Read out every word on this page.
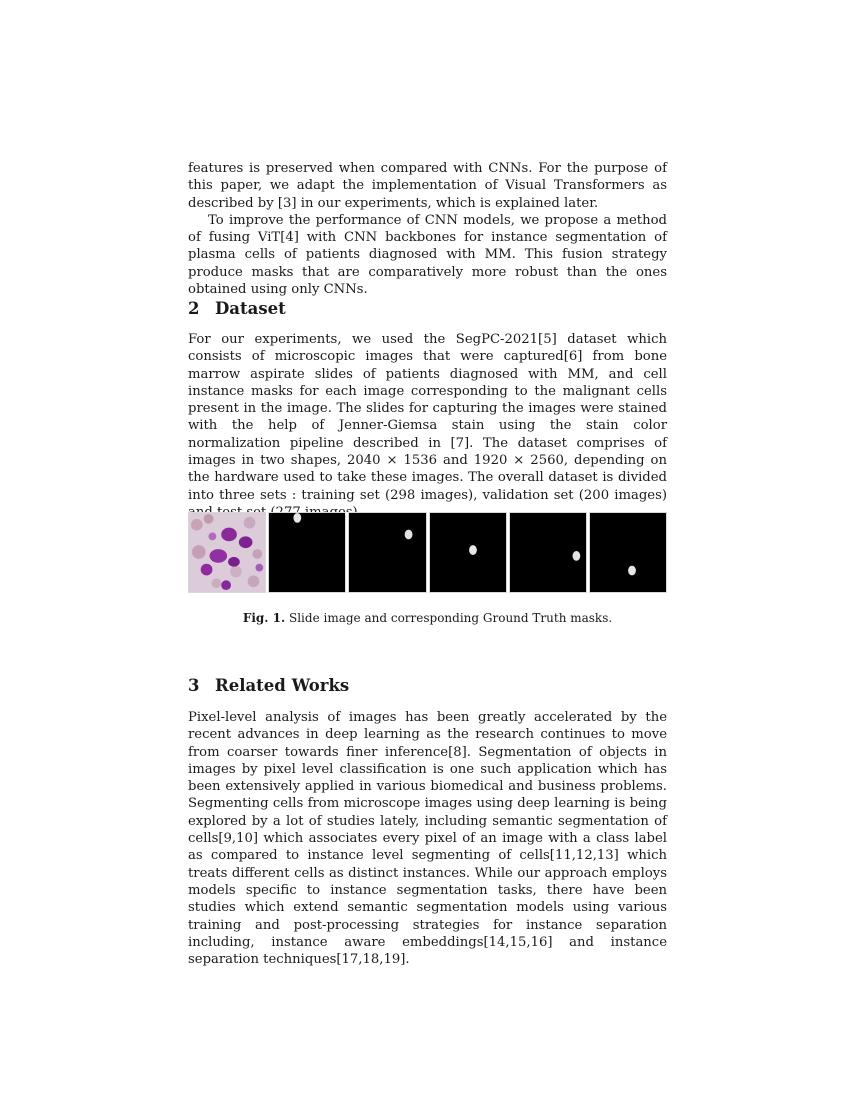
features is preserved when compared with CNNs. For the purpose of this paper, we adapt the implementation of Visual Transformers as described by [3] in our experiments, which is explained later.

To improve the performance of CNN models, we propose a method of fusing ViT[4] with CNN backbones for instance segmentation of plasma cells of patients diagnosed with MM. This fusion strategy produce masks that are comparatively more robust than the ones obtained using only CNNs.

2 Dataset

For our experiments, we used the SegPC-2021[5] dataset which consists of microscopic images that were captured[6] from bone marrow aspirate slides of patients diagnosed with MM, and cell instance masks for each image corresponding to the malignant cells present in the image. The slides for capturing the images were stained with the help of Jenner-Giemsa stain using the stain color normalization pipeline described in [7]. The dataset comprises of images in two shapes, 2040 × 1536 and 1920 × 2560, depending on the hardware used to take these images. The overall dataset is divided into three sets : training set (298 images), validation set (200 images)

Fig. 1. Slide image and corresponding Ground Truth masks.

3 Related Works

Pixel-level analysis of images has been greatly accelerated by the recent advances in deep learning as the research continues to move from coarser towards finer inference[8]. Segmentation of objects in images by pixel level classification is one such application which has been extensively applied in various biomedical and business problems. Segmenting cells from microscope images using deep learning is being explored by a lot of studies lately, including semantic segmentation of cells[9,10] which associates every pixel of an image with a class label as compared to instance level segmenting of cells[11,12,13] which treats different cells as distinct instances. While our approach employs models specific to instance segmentation tasks, there have been studies which extend semantic segmentation models using various training and post-processing strategies for instance separation including, instance aware embeddings[14,15,16] and instance separation techniques[17,18,19].
